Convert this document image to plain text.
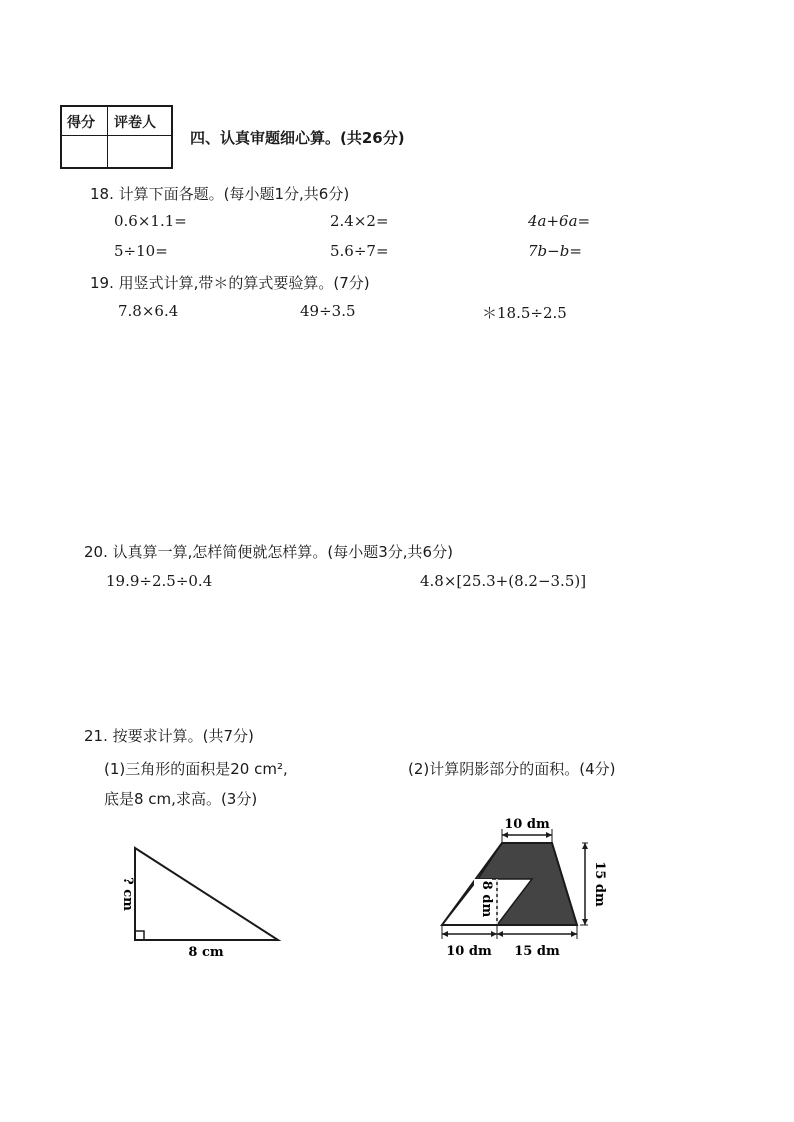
得分 评卷人
四、认真审题细心算。(共26分)
18. 计算下面各题。(每小题1分,共6分)
0.6×1.1=	2.4×2=	4a+6a=
5÷10=	5.6÷7=	7b−b=
19. 用竖式计算,带＊的算式要验算。(7分)
7.8×6.4	49÷3.5	＊18.5÷2.5
20. 认真算一算,怎样简便就怎样算。(每小题3分,共6分)
19.9÷2.5÷0.4	4.8×[25.3+(8.2−3.5)]
21. 按要求计算。(共7分)
(1)三角形的面积是20 cm²,
底是8 cm,求高。(3分)
(2)计算阴影部分的面积。(4分)
? cm
8 cm
8 dm
10 dm
15 dm
10 dm 15 dm
